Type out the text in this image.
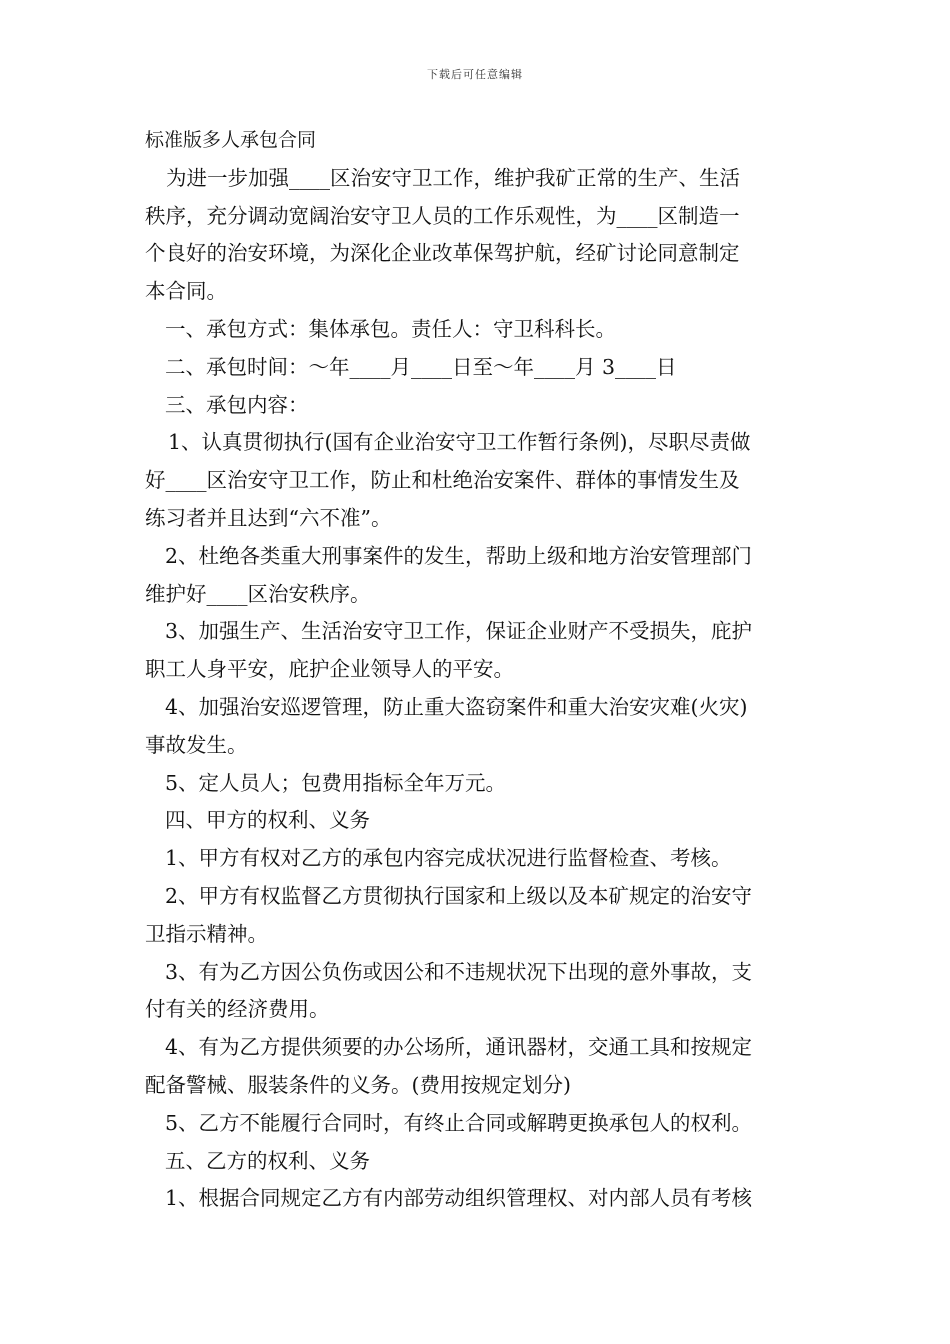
下载后可任意编辑

标准版多人承包合同

为进一步加强____区治安守卫工作，维护我矿正常的生产、生活
秩序，充分调动宽阔治安守卫人员的工作乐观性，为____区制造一
个良好的治安环境，为深化企业改革保驾护航，经矿讨论同意制定
本合同。
一、承包方式：集体承包。责任人：守卫科科长。
二、承包时间：～年____月____日至～年____月 3____日
三、承包内容：
1、认真贯彻执行(国有企业治安守卫工作暂行条例)，尽职尽责做
好____区治安守卫工作，防止和杜绝治安案件、群体的事情发生及
练习者并且达到“六不准”。
2、杜绝各类重大刑事案件的发生，帮助上级和地方治安管理部门
维护好____区治安秩序。
3、加强生产、生活治安守卫工作，保证企业财产不受损失，庇护
职工人身平安，庇护企业领导人的平安。
4、加强治安巡逻管理，防止重大盗窃案件和重大治安灾难(火灾)
事故发生。
5、定人员人；包费用指标全年万元。
四、甲方的权利、义务
1、甲方有权对乙方的承包内容完成状况进行监督检查、考核。
2、甲方有权监督乙方贯彻执行国家和上级以及本矿规定的治安守
卫指示精神。
3、有为乙方因公负伤或因公和不违规状况下出现的意外事故，支
付有关的经济费用。
4、有为乙方提供须要的办公场所，通讯器材，交通工具和按规定
配备警械、服装条件的义务。(费用按规定划分)
5、乙方不能履行合同时，有终止合同或解聘更换承包人的权利。
五、乙方的权利、义务
1、根据合同规定乙方有内部劳动组织管理权、对内部人员有考核
